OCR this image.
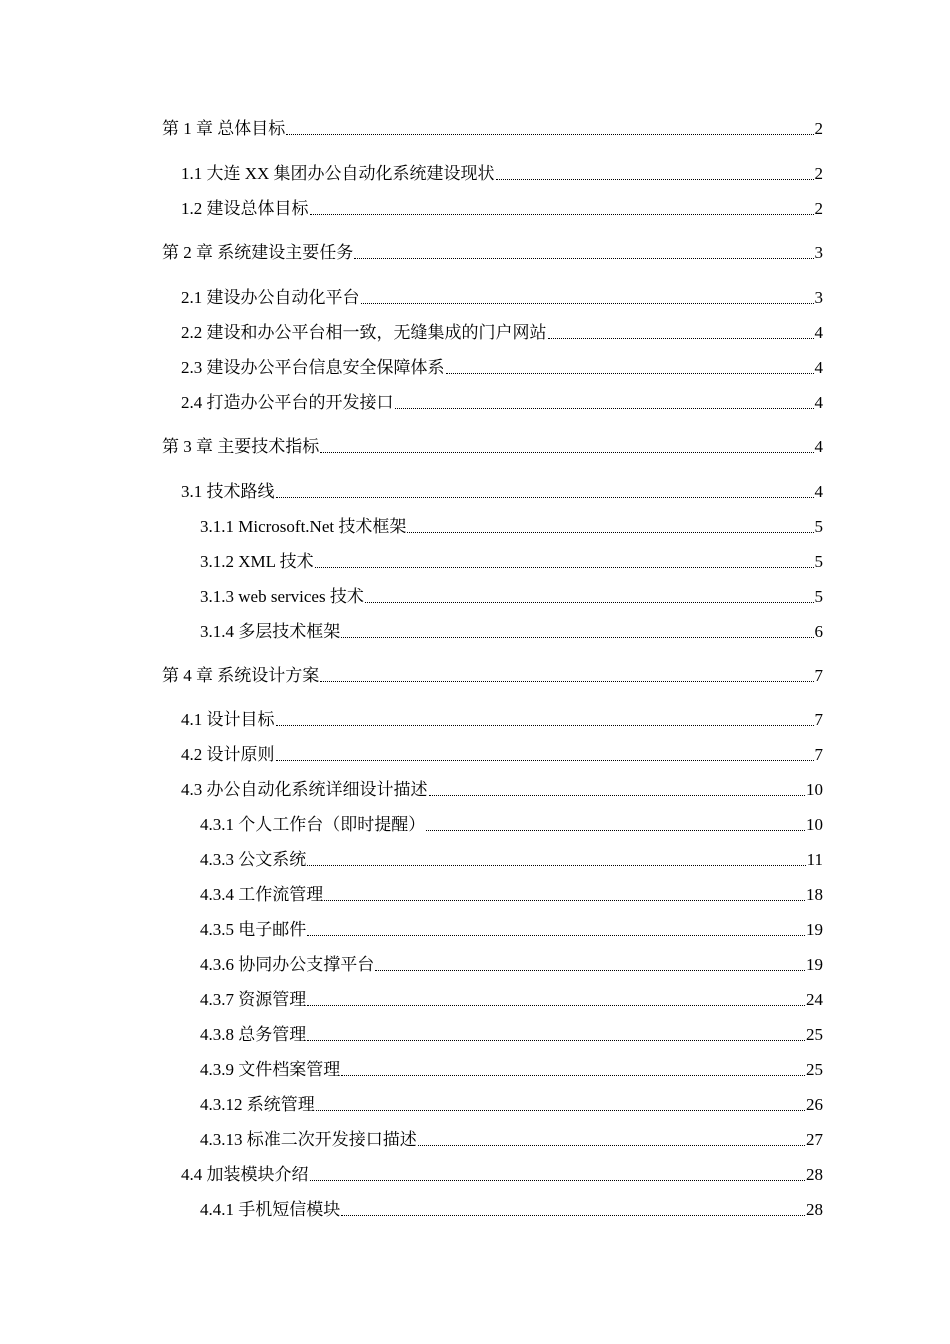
第 1 章 总体目标	2
1.1 大连 XX 集团办公自动化系统建设现状	2
1.2 建设总体目标	2
第 2 章 系统建设主要任务	3
2.1 建设办公自动化平台	3
2.2 建设和办公平台相一致，无缝集成的门户网站	4
2.3 建设办公平台信息安全保障体系	4
2.4 打造办公平台的开发接口	4
第 3 章 主要技术指标	4
3.1 技术路线	4
3.1.1 Microsoft.Net 技术框架	5
3.1.2 XML 技术	5
3.1.3 web services 技术	5
3.1.4 多层技术框架	6
第 4 章 系统设计方案	7
4.1 设计目标	7
4.2 设计原则	7
4.3 办公自动化系统详细设计描述	10
4.3.1 个人工作台（即时提醒）	10
4.3.3 公文系统	11
4.3.4 工作流管理	18
4.3.5 电子邮件	19
4.3.6 协同办公支撑平台	19
4.3.7 资源管理	24
4.3.8 总务管理	25
4.3.9 文件档案管理	25
4.3.12 系统管理	26
4.3.13 标准二次开发接口描述	27
4.4 加装模块介绍	28
4.4.1 手机短信模块	28
